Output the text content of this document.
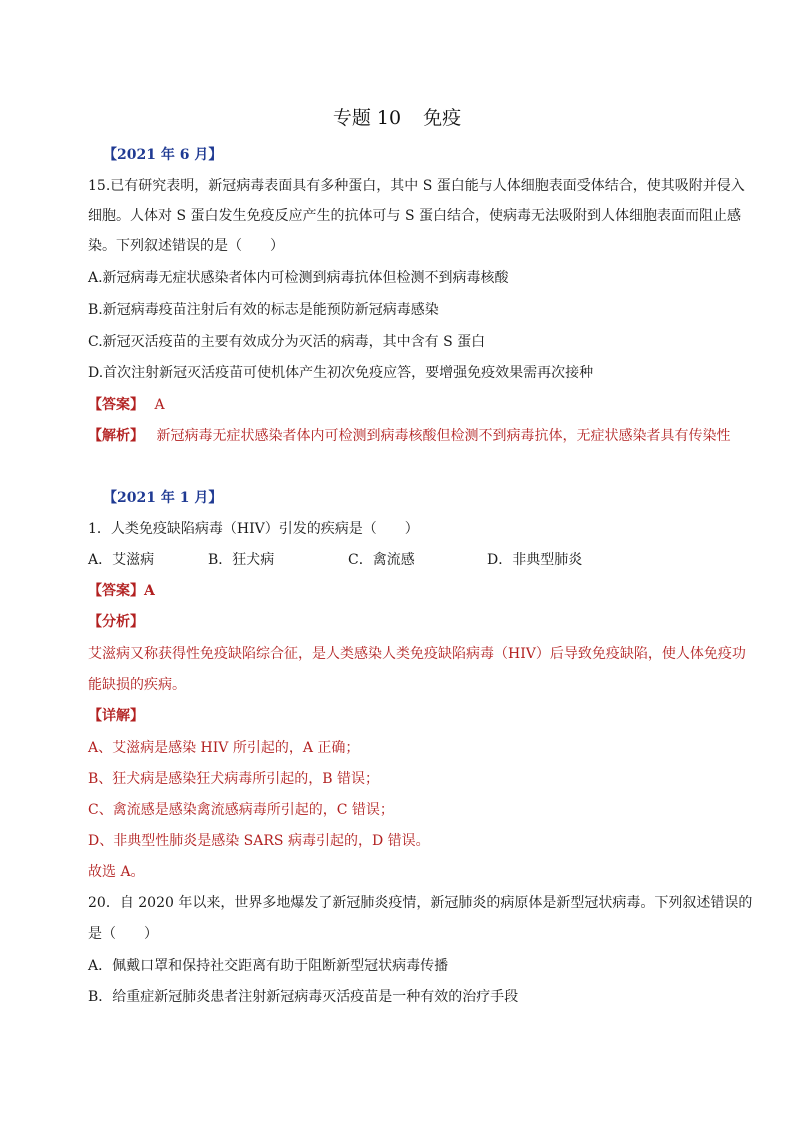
专题 10 免疫
【2021 年 6 月】
15.已有研究表明，新冠病毒表面具有多种蛋白，其中 S 蛋白能与人体细胞表面受体结合，使其吸附并侵入
细胞。人体对 S 蛋白发生免疫反应产生的抗体可与 S 蛋白结合，使病毒无法吸附到人体细胞表面而阻止感
染。下列叙述错误的是（　　）
A.新冠病毒无症状感染者体内可检测到病毒抗体但检测不到病毒核酸
B.新冠病毒疫苗注射后有效的标志是能预防新冠病毒感染
C.新冠灭活疫苗的主要有效成分为灭活的病毒，其中含有 S 蛋白
D.首次注射新冠灭活疫苗可使机体产生初次免疫应答，要增强免疫效果需再次接种
【答案】 A
【解析】 新冠病毒无症状感染者体内可检测到病毒核酸但检测不到病毒抗体，无症状感染者具有传染性
【2021 年 1 月】
1．人类免疫缺陷病毒（HIV）引发的疾病是（　　）
A．艾滋病	B．狂犬病	C．禽流感	D．非典型肺炎
【答案】A
【分析】
艾滋病又称获得性免疫缺陷综合征，是人类感染人类免疫缺陷病毒（HIV）后导致免疫缺陷，使人体免疫功
能缺损的疾病。
【详解】
A、艾滋病是感染 HIV 所引起的，A 正确；
B、狂犬病是感染狂犬病毒所引起的，B 错误；
C、禽流感是感染禽流感病毒所引起的，C 错误；
D、非典型性肺炎是感染 SARS 病毒引起的，D 错误。
故选 A。
20．自 2020 年以来，世界多地爆发了新冠肺炎疫情，新冠肺炎的病原体是新型冠状病毒。下列叙述错误的
是（　　）
A．佩戴口罩和保持社交距离有助于阻断新型冠状病毒传播
B．给重症新冠肺炎患者注射新冠病毒灭活疫苗是一种有效的治疗手段
